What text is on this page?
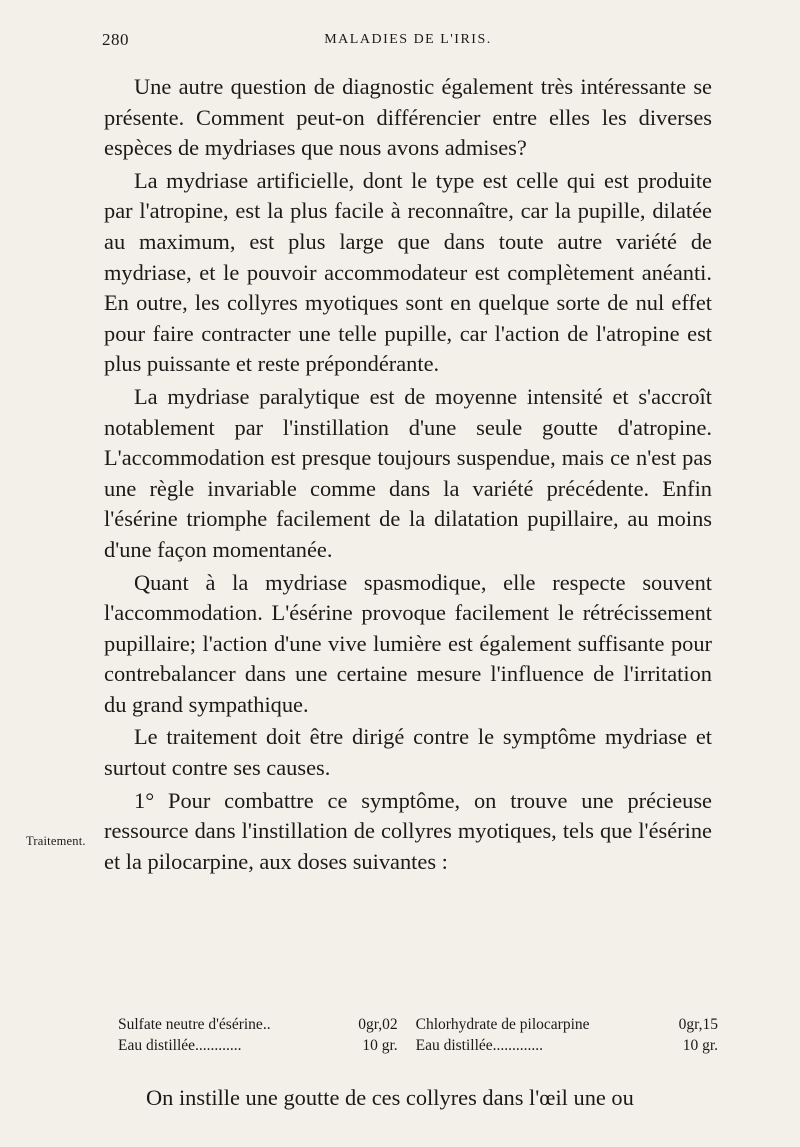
280	MALADIES DE L'IRIS.
Traitement.

Une autre question de diagnostic également très intéressante se présente. Comment peut-on différencier entre elles les diverses espèces de mydriases que nous avons admises?

La mydriase artificielle, dont le type est celle qui est produite par l'atropine, est la plus facile à reconnaître, car la pupille, dilatée au maximum, est plus large que dans toute autre variété de mydriase, et le pouvoir accommodateur est complètement anéanti. En outre, les collyres myotiques sont en quelque sorte de nul effet pour faire contracter une telle pupille, car l'action de l'atropine est plus puissante et reste prépondérante.

La mydriase paralytique est de moyenne intensité et s'accroît notablement par l'instillation d'une seule goutte d'atropine. L'accommodation est presque toujours suspendue, mais ce n'est pas une règle invariable comme dans la variété précédente. Enfin l'ésérine triomphe facilement de la dilatation pupillaire, au moins d'une façon momentanée.

Quant à la mydriase spasmodique, elle respecte souvent l'accommodation. L'ésérine provoque facilement le rétrécissement pupillaire; l'action d'une vive lumière est également suffisante pour contrebalancer dans une certaine mesure l'influence de l'irritation du grand sympathique.

Le traitement doit être dirigé contre le symptôme mydriase et surtout contre ses causes.

1° Pour combattre ce symptôme, on trouve une précieuse ressource dans l'instillation de collyres myotiques, tels que l'ésérine et la pilocarpine, aux doses suivantes :

Sulfate neutre d'ésérine..	0gr,02	Chlorhydrate de pilocarpine	0gr,15
Eau distillée............	10 gr.	Eau distillée.............	10 gr.

On instille une goutte de ces collyres dans l'œil une ou
